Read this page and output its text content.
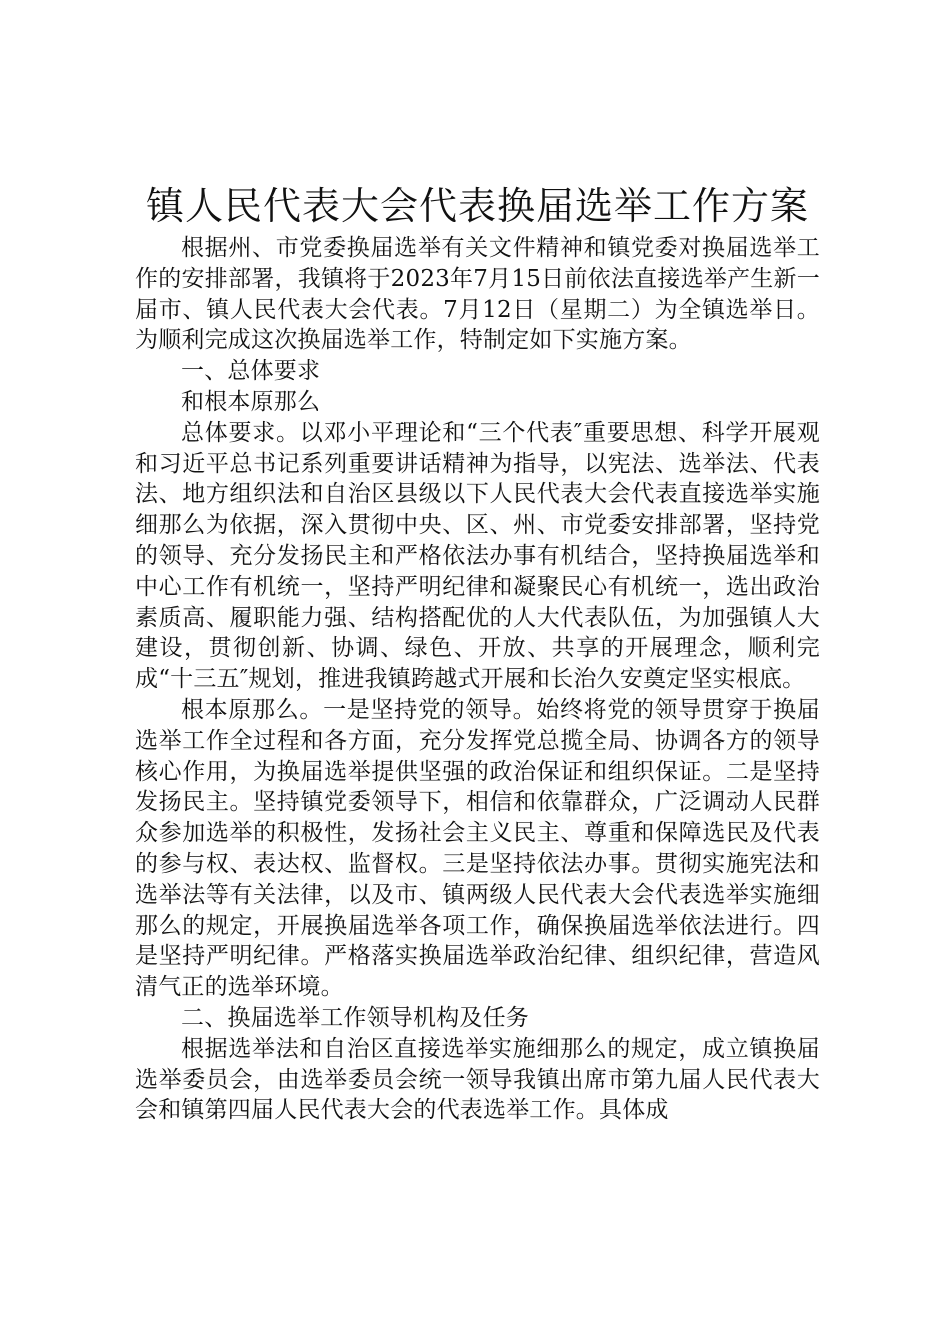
镇人民代表大会代表换届选举工作方案

根据州、市党委换届选举有关文件精神和镇党委对换届选举工作的安排部署，我镇将于2023年7月15日前依法直接选举产生新一届市、镇人民代表大会代表。7月12日（星期二）为全镇选举日。为顺利完成这次换届选举工作，特制定如下实施方案。

一、总体要求

和根本原那么

总体要求。以邓小平理论和“三个代表″重要思想、科学开展观和习近平总书记系列重要讲话精神为指导，以宪法、选举法、代表法、地方组织法和自治区县级以下人民代表大会代表直接选举实施细那么为依据，深入贯彻中央、区、州、市党委安排部署，坚持党的领导、充分发扬民主和严格依法办事有机结合，坚持换届选举和中心工作有机统一，坚持严明纪律和凝聚民心有机统一，选出政治素质高、履职能力强、结构搭配优的人大代表队伍，为加强镇人大建设，贯彻创新、协调、绿色、开放、共享的开展理念，顺利完成“十三五″规划，推进我镇跨越式开展和长治久安奠定坚实根底。

根本原那么。一是坚持党的领导。始终将党的领导贯穿于换届选举工作全过程和各方面，充分发挥党总揽全局、协调各方的领导核心作用，为换届选举提供坚强的政治保证和组织保证。二是坚持发扬民主。坚持镇党委领导下，相信和依靠群众，广泛调动人民群众参加选举的积极性，发扬社会主义民主、尊重和保障选民及代表的参与权、表达权、监督权。三是坚持依法办事。贯彻实施宪法和选举法等有关法律，以及市、镇两级人民代表大会代表选举实施细那么的规定，开展换届选举各项工作，确保换届选举依法进行。四是坚持严明纪律。严格落实换届选举政治纪律、组织纪律，营造风清气正的选举环境。

二、换届选举工作领导机构及任务

根据选举法和自治区直接选举实施细那么的规定，成立镇换届选举委员会，由选举委员会统一领导我镇出席市第九届人民代表大会和镇第四届人民代表大会的代表选举工作。具体成
